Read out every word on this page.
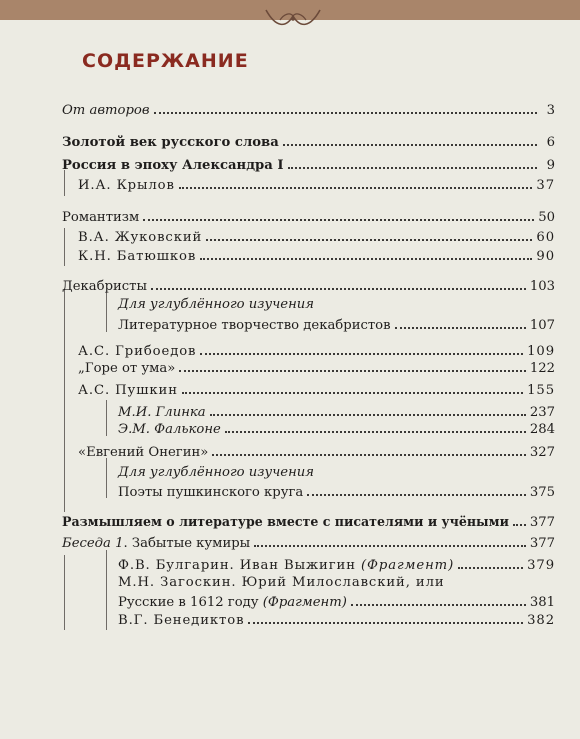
СОДЕРЖАНИЕ
От авторов	3
Золотой век русского слова	6
Россия в эпоху Александра I	9
И.А. Крылов	37
Романтизм	50
В.А. Жуковский	60
К.Н. Батюшков	90
Декабристы	103
Для углублённого изучения
Литературное творчество декабристов	107
А.С. Грибоедов	109
„Горе от ума»	122
А.С. Пушкин	155
М.И. Глинка	237
Э.М. Фальконе	284
«Евгений Онегин»	327
Для углублённого изучения
Поэты пушкинского круга	375
Размышляем о литературе вместе с писателями и учёными 377
Беседа 1. Забытые кумиры	377
Ф.В. Булгарин. Иван Выжигин (Фрагмент)	379
М.Н. Загоскин. Юрий Милославский, или
Русские в 1612 году (Фрагмент)	381
В.Г. Бенедиктов	382
